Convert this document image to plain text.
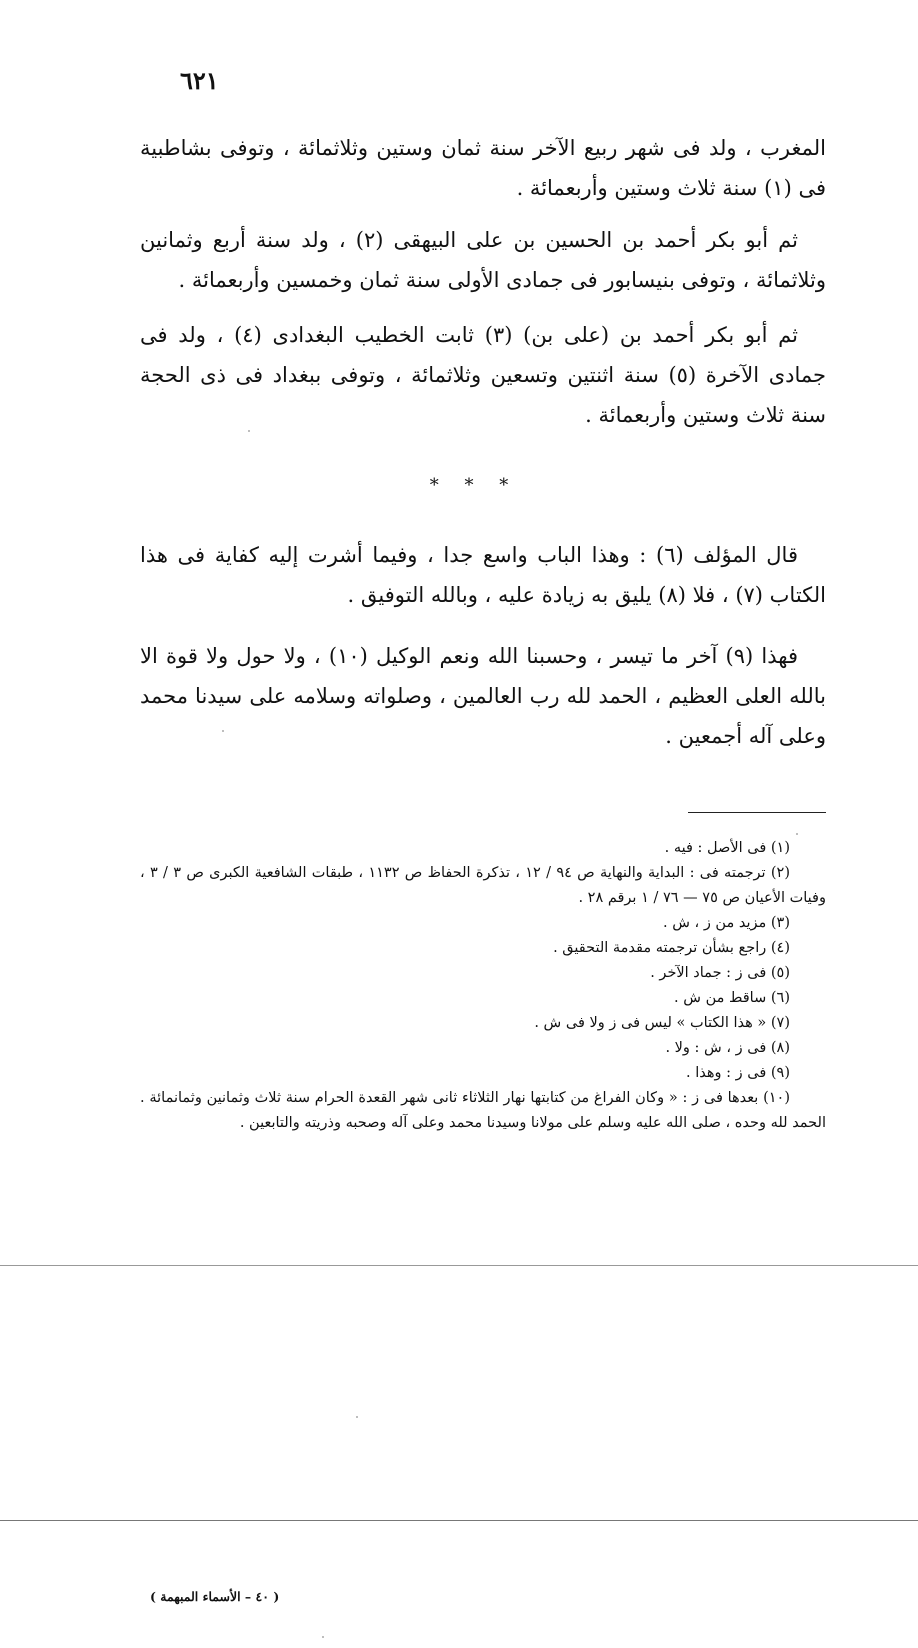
٦٢١

المغرب ، ولد فى شهر ربيع الآخر سنة ثمان وستين وثلاثمائة ، وتوفى بشاطبية فى (١) سنة ثلاث وستين وأربعمائة .

ثم أبو بكر أحمد بن الحسين بن على البيهقى (٢) ، ولد سنة أربع وثمانين وثلاثمائة ، وتوفى بنيسابور فى جمادى الأولى سنة ثمان وخمسين وأربعمائة .

ثم أبو بكر أحمد بن (على بن) (٣) ثابت الخطيب البغدادى (٤) ، ولد فى جمادى الآخرة (٥) سنة اثنتين وتسعين وثلاثمائة ، وتوفى ببغداد فى ذى الحجة سنة ثلاث وستين وأربعمائة .

* * *

قال المؤلف (٦) : وهذا الباب واسع جدا ، وفيما أشرت إليه كفاية فى هذا الكتاب (٧) ، فلا (٨) يليق به زيادة عليه ، وبالله التوفيق .

فهذا (٩) آخر ما تيسر ، وحسبنا الله ونعم الوكيل (١٠) ، ولا حول ولا قوة الا بالله العلى العظيم ، الحمد لله رب العالمين ، وصلواته وسلامه على سيدنا محمد وعلى آله أجمعين .

(١) فى الأصل : فيه .

(٢) ترجمته فى : البداية والنهاية ص ٩٤ / ١٢ ، تذكرة الحفاظ ص ١١٣٢ ، طبقات الشافعية الكبرى ص ٣ / ٣ ، وفيات الأعيان ص ٧٥ — ٧٦ / ١ برقم ٢٨ .

(٣) مزيد من ز ، ش .

(٤) راجع بشأن ترجمته مقدمة التحقيق .

(٥) فى ز : جماد الآخر .

(٦) ساقط من ش .

(٧) « هذا الكتاب » ليس فى ز ولا فى ش .

(٨) فى ز ، ش : ولا .

(٩) فى ز : وهذا .

(١٠) بعدها فى ز : « وكان الفراغ من كتابتها نهار الثلاثاء ثانى شهر القعدة الحرام سنة ثلاث وثمانين وثمانمائة . الحمد لله وحده ، صلى الله عليه وسلم على مولانا وسيدنا محمد وعلى آله وصحبه وذريته والتابعين .

( ٤٠ – الأسماء المبهمة )
